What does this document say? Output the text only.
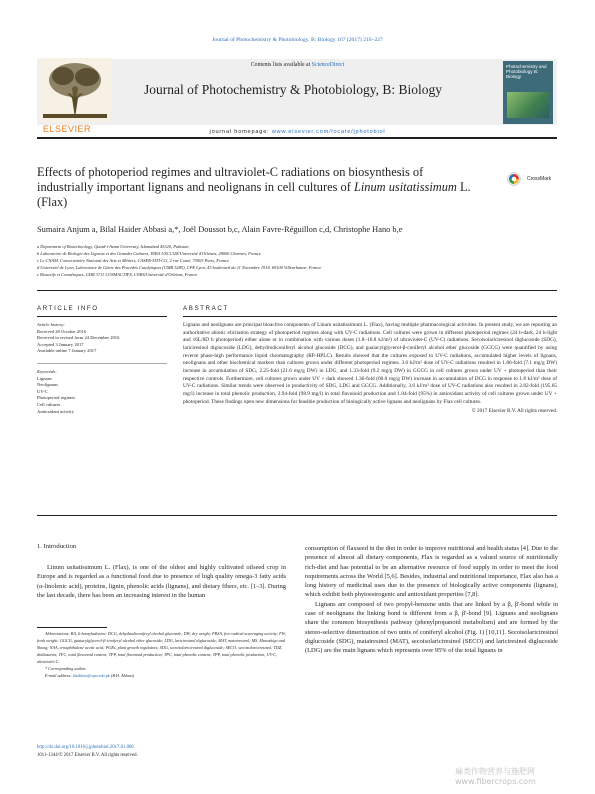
Journal of Photochemistry & Photobiology, B: Biology 167 (2017) 216–227
Contents lists available at ScienceDirect
ELSEVIER
Journal of Photochemistry & Photobiology, B: Biology
Photochemistry and Photobiology B: Biology
journal homepage: www.elsevier.com/locate/jphotobiol
Effects of photoperiod regimes and ultraviolet-C radiations on biosynthesis of industrially important lignans and neolignans in cell cultures of Linum usitatissimum L. (Flax)
CrossMark
Sumaira Anjum a, Bilal Haider Abbasi a,*, Joël Doussot b,c, Alain Favre-Réguillon c,d, Christophe Hano b,e
a Department of Biotechnology, Quaid-i-Azam University, Islamabad 45320, Pakistan
b Laboratoire de Biologie des Ligneux et des Grandes Cultures, INRA USC1328/Université d'Orléans, 28000 Chartres, France
c Le CNAM, Conservatoire National des Arts et Métiers, CASER-SITI-CG, 2 rue Conté, 75003 Paris, France
d Université de Lyon, Laboratoire de Génie des Procédés Catalytiques (UMR 5285), CPE Lyon, 43 boulevard du 11 Novembre 1918, 69100 Villeurbanne, France
e Bioactifs et Cosmétiques, GDR 3711 COSMACTIFS, CNRS/Université d'Orléans, France
ARTICLE INFO	ABSTRACT
Article history:
Received 28 October 2016
Received in revised form 24 December 2016
Accepted 3 January 2017
Available online 7 January 2017
Keywords:
Lignans
Neolignans
UV-C
Photoperiod regimes
Cell cultures
Antioxidant activity

Lignans and neolignans are principal bioactive components of Linum usitatissimum L. (Flax), having multiple pharmacological activities. In present study, we are reporting an authoritative abiotic elicitation strategy of photoperiod regimes along with UV-C radiations. Cell cultures were grown in different photoperiod regimes (24 h-dark, 24 h-light and 16L/8D h photoperiod) either alone or in combination with various doses (1.8–10.8 kJ/m²) of ultraviolet-C (UV-C) radiations. Secoisolariciresinol diglucoside (SDG), lariciresinol diglucoside (LDG), dehydrodiconiferyl alcohol glucoside (DCG), and guaiacylglycerol-β-coniferyl alcohol ether glucoside (GGCG) were quantified by using reverse phase-high performance liquid chromatography (RP-HPLC). Results showed that the cultures exposed to UV-C radiations, accumulated higher levels of lignans, neolignans and other biochemical markers than cultures grown under different photoperiod regimes. 3.6 kJ/m² dose of UV-C radiations resulted in 1.86-fold (7.1 mg/g DW) increase in accumulation of SDG, 2.25-fold (21.6 mg/g DW) in LDG, and 1.33-fold (9.2 mg/g DW) in GGCG in cell cultures grown under UV + photoperiod than their respective controls. Furthermore, cell cultures grown under UV + dark showed 1.36-fold (60.0 mg/g DW) increase in accumulation of DCG in response to 1.8 kJ/m² dose of UV-C radiations. Similar trends were observed in productivity of SDG, LDG and GGCG. Additionally, 3.6 kJ/m² dose of UV-C radiations also resulted in 2.82-fold (195.65 mg/l) increase in total phenolic production, 2.94-fold (98.9 mg/l) in total flavonoid production and 1.04-fold (95%) in antioxidant activity of cell cultures grown under UV + photoperiod. These findings open new dimensions for feasible production of biologically active lignans and neolignans by Flax cell cultures.

© 2017 Elsevier B.V. All rights reserved.
1. Introduction

Linum usitatissimum L. (Flax), is one of the oldest and highly cultivated oilseed crop in Europe and is regarded as a functional food due to presence of high quality omega-3 fatty acids (α-linolenic acid), proteins, lignin, phenolic acids (lignans), and dietary fibers, etc. [1–3]. During the last decade, there has been an increasing interest in the human

Abbreviations: BA, 6-benzyladenine; DCG, dehydrodiconiferyl alcohol glucoside; DW, dry weight; FRSA, free radical scavenging activity; FW, fresh weight; GGCG, guaiacylglycerol-β-coniferyl alcohol ether glucoside; LDG, lariciresinol diglucoside; MAT, matairesinol; MS, Murashige and Skoog; NAA, α-naphthalene acetic acid; PGRs, plant growth regulators; SDG, secoisolariciresinol diglucoside; SECO, secoisolariciresinol; TDZ, thidiazuron; TFC, total flavonoid content; TFP, total flavonoid production; TPC, total phenolic content; TPP, total phenolic production; UV-C, ultraviolet-C.

* Corresponding author.

E-mail address: bhabbasi@qau.edu.pk (B.H. Abbasi).

http://dx.doi.org/10.1016/j.jphotobiol.2017.01.006
1011-1344/© 2017 Elsevier B.V. All rights reserved.

consumption of flaxseed in the diet in order to improve nutritional and health status [4]. Due to the presence of almost all dietary components, Flax is regarded as a valued source of nutritionally rich-diet and has potential to be an alternative resource of food supply in order to meet the food requirements across the World [5,6]. Besides, industrial and nutritional importance, Flax also has a long history of medicinal uses due to the presence of biologically active components (lignans), which exhibit both phytoestrogenic and antioxidant properties [7,8].

Lignans are composed of two propyl-benzene units that are linked by a β, β'-bond while in case of neolignans the linking bond is different from a β, β'-bond [9]. Lignans and neolignans share the common biosynthesis pathway (phenylpropanoid metabolism) and are formed by the stereo-selective dimerization of two units of coniferyl alcohol (Fig. 1) [10,11]. Secoisolariciresinol diglucoside (SDG), matairesinol (MAT), secoisolariciresinol (SECO) and lariciresinol diglucoside (LDG) are the main lignans which represents over 95% of the total lignans in

麻类作物营养与施肥网 www.fibercrops.com
